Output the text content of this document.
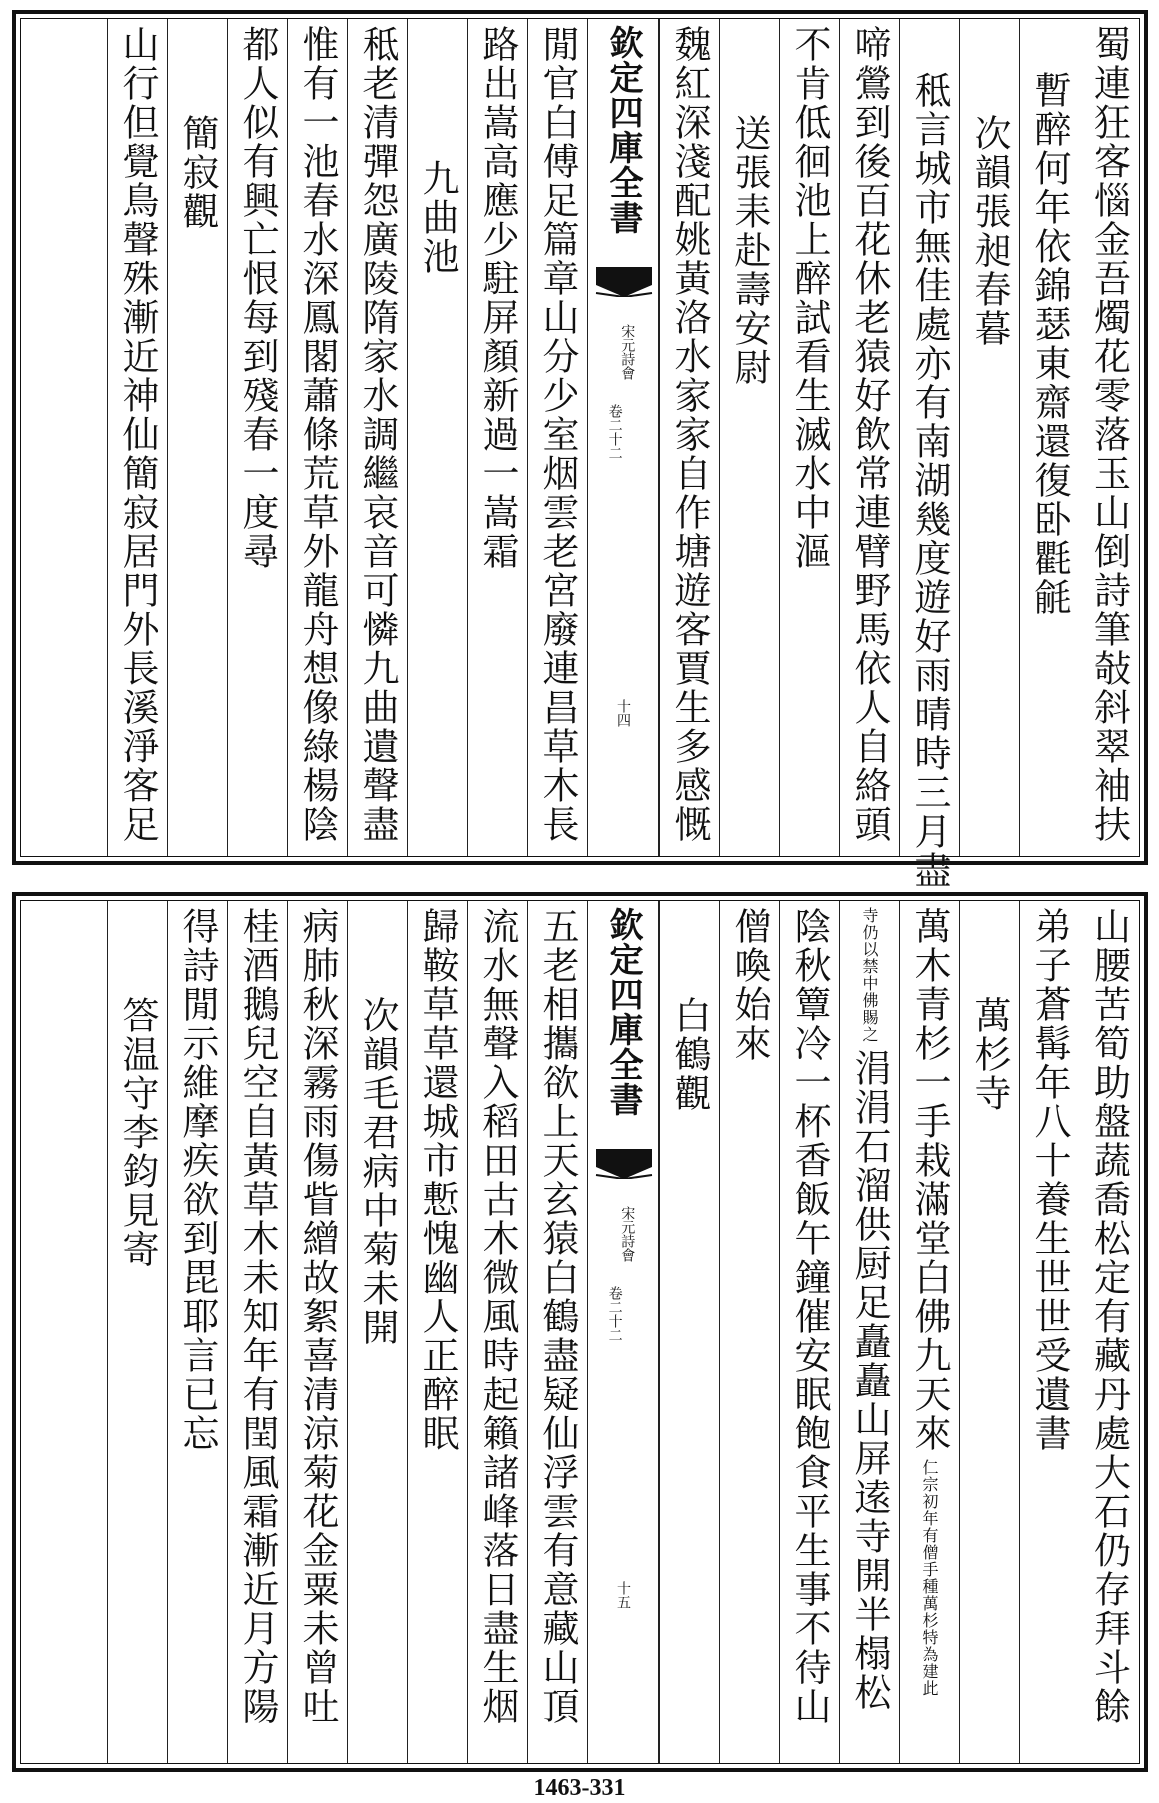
蜀連狂客惱金吾燭花零落玉山倒詩筆敧斜翠袖扶
暫醉何年依錦瑟東齋還復卧氍毹
次韻張昶春暮
秪言城市無佳處亦有南湖幾度遊好雨晴時三月盡
啼鶯到後百花休老猿好飲常連臂野馬依人自絡頭
不肯低徊池上醉試看生滅水中漚
送張耒赴壽安尉
魏紅深淺配姚黃洛水家家自作塘遊客賈生多感慨
欽定四庫全書
宋元詩會
卷二十二
十四
閒官白傅足篇章山分少室烟雲老宮廢連昌草木長
路出嵩高應少駐屏顏新過一嵩霜
九曲池
秪老清彈怨廣陵隋家水調繼哀音可憐九曲遺聲盡
惟有一池春水深鳳閣蕭條荒草外龍舟想像綠楊陰
都人似有興亡恨每到殘春一度尋
簡寂觀
山行但覺鳥聲殊漸近神仙簡寂居門外長溪淨客足
山腰苦筍助盤蔬喬松定有藏丹處大石仍存拜斗餘
弟子蒼髯年八十養生世世受遺書
萬杉寺
萬木青杉一手栽滿堂白佛九天來仁宗初年有僧手種萬杉特為建此
寺仍以禁中佛賜之涓涓石溜供厨足矗矗山屏逺寺開半榻松
陰秋簟冷一杯香飯午鐘催安眠飽食平生事不待山
僧喚始來
白鶴觀
欽定四庫全書
宋元詩會
卷二十二
十五
五老相攜欲上天玄猿白鶴盡疑仙浮雲有意藏山頂
流水無聲入稻田古木微風時起籟諸峰落日盡生烟
歸鞍草草還城市慙愧幽人正醉眠
次韻毛君病中菊未開
病肺秋深霧雨傷眥繒故絮喜清涼菊花金粟未曾吐
桂酒鵝兒空自黃草木未知年有閏風霜漸近月方陽
得詩閒示維摩疾欲到毘耶言已忘
答温守李鈞見寄
1463-331
